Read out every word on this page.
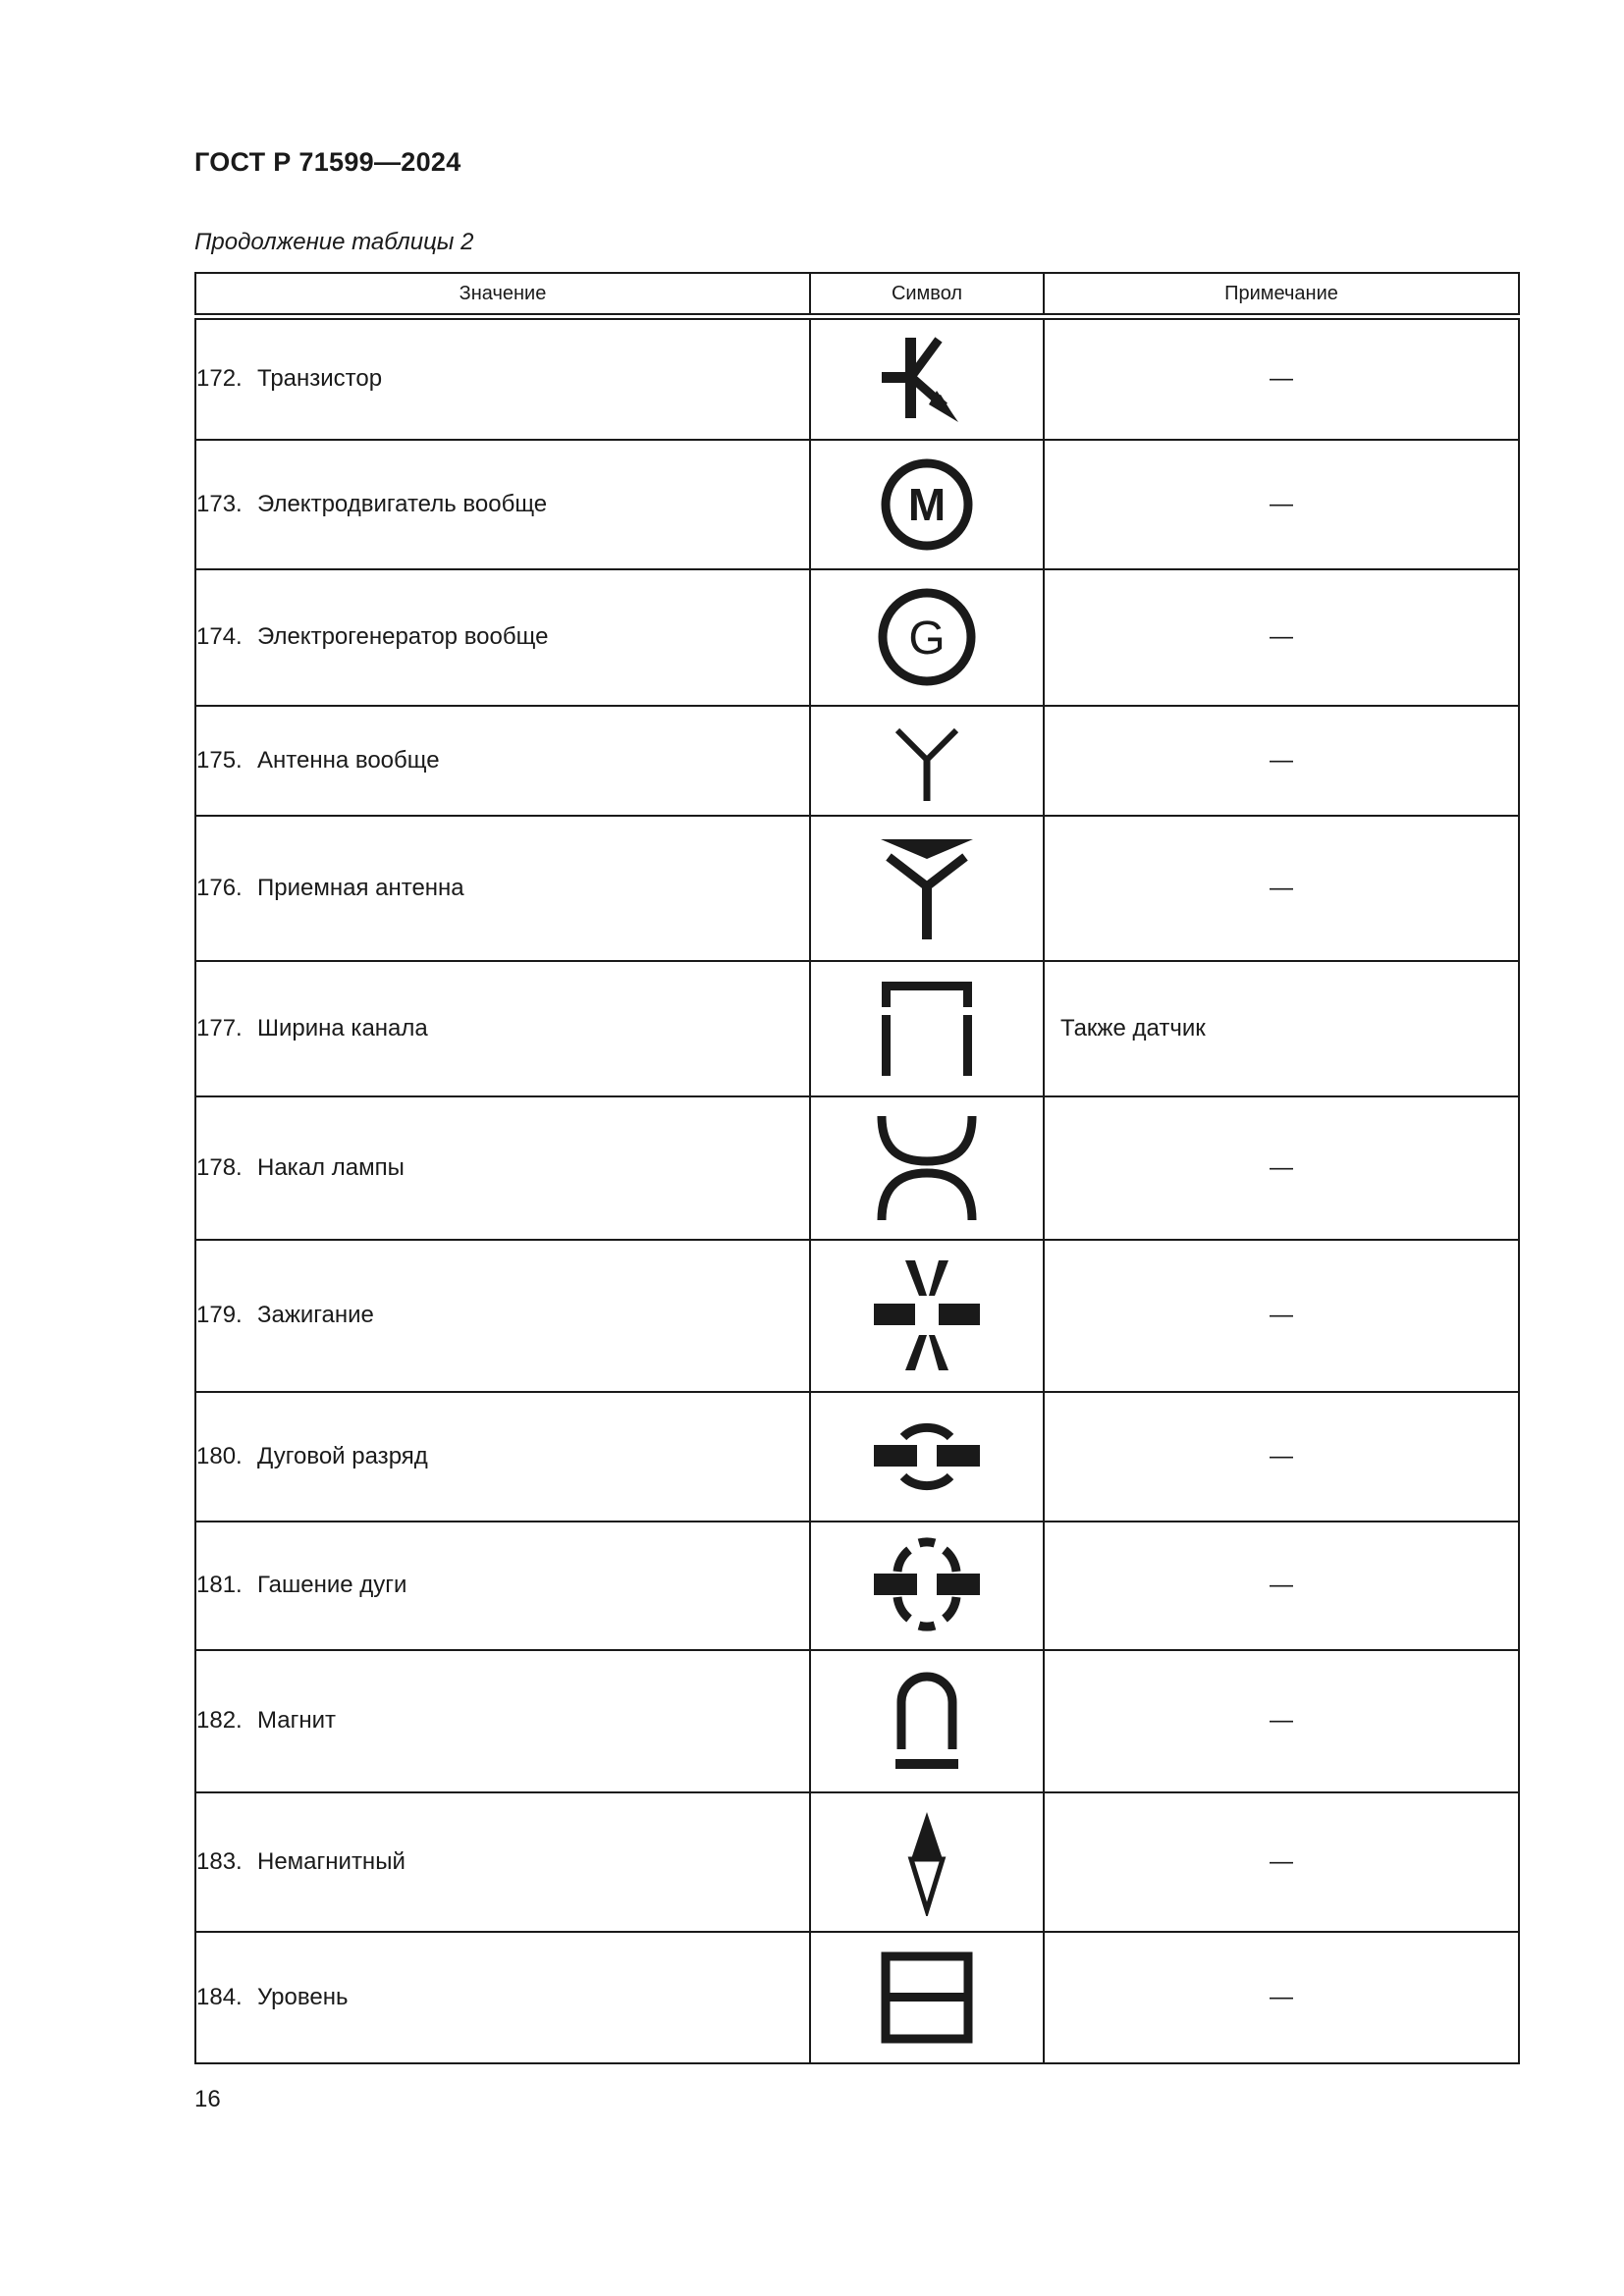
ГОСТ Р 71599—2024
Продолжение таблицы 2
Значение	Символ	Примечание
172. Транзистор		—
173. Электродвигатель вообще	M	—
174. Электрогенератор вообще	G	—
175. Антенна вообще		—
176. Приемная антенна		—
177. Ширина канала		Также датчик
178. Накал лампы		—
179. Зажигание		—
180. Дуговой разряд		—
181. Гашение дуги		—
182. Магнит		—
183. Немагнитный		—
184. Уровень		—
16
